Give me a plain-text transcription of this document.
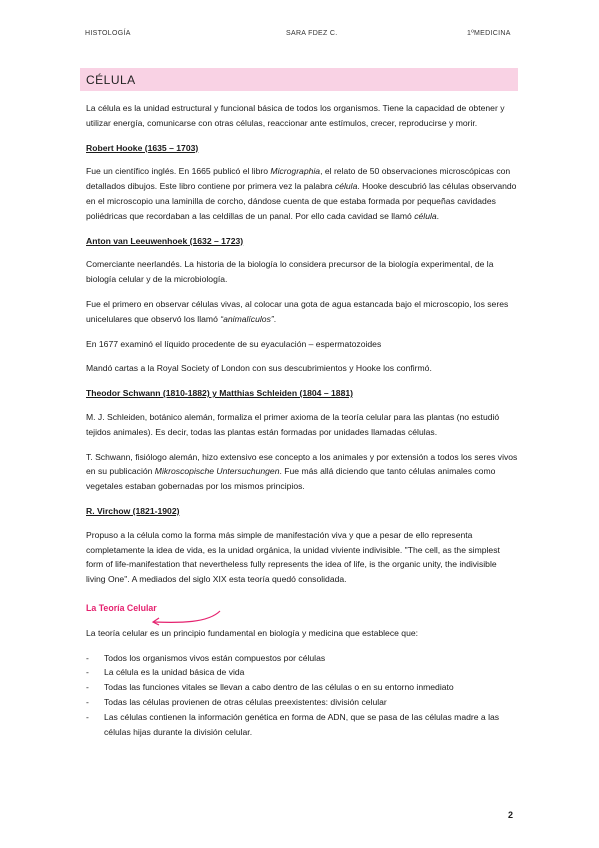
HISTOLOGÍA	SARA FDEZ C.	1ºMEDICINA
CÉLULA

La célula es la unidad estructural y funcional básica de todos los organismos. Tiene la capacidad de obtener y utilizar energía, comunicarse con otras células, reaccionar ante estímulos, crecer, reproducirse y morir.

Robert Hooke (1635 – 1703)

Fue un científico inglés. En 1665 publicó el libro Micrographia, el relato de 50 observaciones microscópicas con detallados dibujos. Este libro contiene por primera vez la palabra célula. Hooke descubrió las células observando en el microscopio una laminilla de corcho, dándose cuenta de que estaba formada por pequeñas cavidades poliédricas que recordaban a las celdillas de un panal. Por ello cada cavidad se llamó célula.

Anton van Leeuwenhoek (1632 – 1723)

Comerciante neerlandés. La historia de la biología lo considera precursor de la biología experimental, de la biología celular y de la microbiología.

Fue el primero en observar células vivas, al colocar una gota de agua estancada bajo el microscopio, los seres unicelulares que observó los llamó “animalículos”.

En 1677 examinó el líquido procedente de su eyaculación – espermatozoides

Mandó cartas a la Royal Society of London con sus descubrimientos y Hooke los confirmó.

Theodor Schwann (1810-1882) y Matthias Schleiden (1804 – 1881)

M. J. Schleiden, botánico alemán, formaliza el primer axioma de la teoría celular para las plantas (no estudió tejidos animales). Es decir, todas las plantas están formadas por unidades llamadas células.

T. Schwann, fisiólogo alemán, hizo extensivo ese concepto a los animales y por extensión a todos los seres vivos en su publicación Mikroscopische Untersuchungen. Fue más allá diciendo que tanto células animales como vegetales estaban gobernadas por los mismos principios.

R. Virchow (1821-1902)

Propuso a la célula como la forma más simple de manifestación viva y que a pesar de ello representa completamente la idea de vida, es la unidad orgánica, la unidad viviente indivisible. "The cell, as the simplest form of life-manifestation that nevertheless fully represents the idea of life, is the organic unity, the indivisible living One". A mediados del siglo XIX esta teoría quedó consolidada.

La Teoría Celular

La teoría celular es un principio fundamental en biología y medicina que establece que:

- Todos los organismos vivos están compuestos por células
- La célula es la unidad básica de vida
- Todas las funciones vitales se llevan a cabo dentro de las células o en su entorno inmediato
- Todas las células provienen de otras células preexistentes: división celular
- Las células contienen la información genética en forma de ADN, que se pasa de las células madre a las células hijas durante la división celular.
2
